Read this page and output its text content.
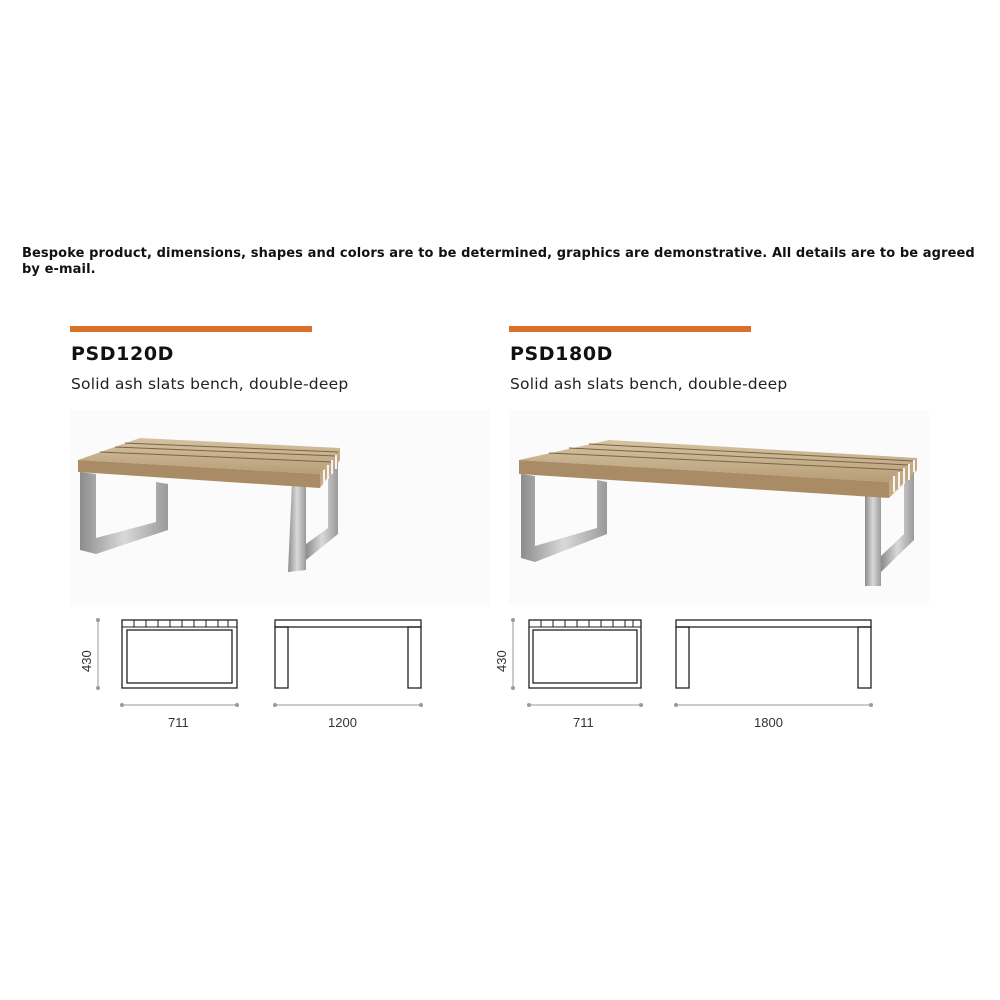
Bespoke product, dimensions, shapes and colors are to be determined, graphics are demonstrative. All details are to be agreed by e-mail.
PSD120D
Solid ash slats bench, double-deep
430
711	1200
PSD180D
Solid ash slats bench, double-deep
430
711	1800
